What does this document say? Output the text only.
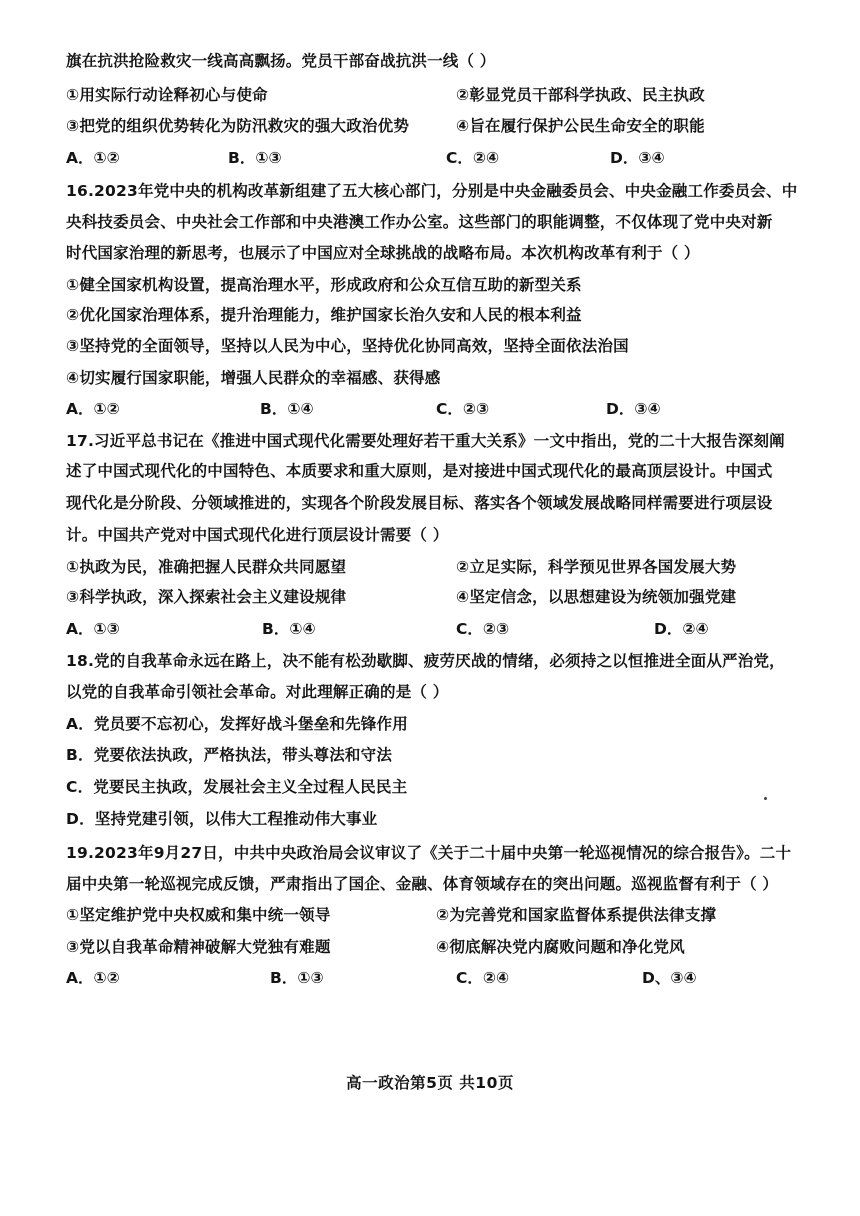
旗在抗洪抢险救灾一线高高飘扬。党员干部奋战抗洪一线（ ）
①用实际行动诠释初心与使命	②彰显党员干部科学执政、民主执政
③把党的组织优势转化为防汛救灾的强大政治优势	④旨在履行保护公民生命安全的职能
A．①②	B．①③	C．②④	D．③④
16.2023年党中央的机构改革新组建了五大核心部门，分别是中央金融委员会、中央金融工作委员会、中
央科技委员会、中央社会工作部和中央港澳工作办公室。这些部门的职能调整，不仅体现了党中央对新
时代国家治理的新思考，也展示了中国应对全球挑战的战略布局。本次机构改革有利于（ ）
①健全国家机构设置，提高治理水平，形成政府和公众互信互助的新型关系
②优化国家治理体系，提升治理能力，维护国家长治久安和人民的根本利益
③坚持党的全面领导，坚持以人民为中心，坚持优化协同高效，坚持全面依法治国
④切实履行国家职能，增强人民群众的幸福感、获得感
A．①②	B．①④	C．②③	D．③④
17.习近平总书记在《推进中国式现代化需要处理好若干重大关系》一文中指出，党的二十大报告深刻阐
述了中国式现代化的中国特色、本质要求和重大原则，是对接进中国式现代化的最高顶层设计。中国式
现代化是分阶段、分领域推进的，实现各个阶段发展目标、落实各个领域发展战略同样需要进行项层设
计。中国共产党对中国式现代化进行顶层设计需要（ ）
①执政为民，准确把握人民群众共同愿望	②立足实际，科学预见世界各国发展大势
③科学执政，深入探索社会主义建设规律	④坚定信念，以思想建设为统领加强党建
A．①③	B．①④	C．②③	D．②④
18.党的自我革命永远在路上，决不能有松劲歇脚、疲劳厌战的情绪，必须持之以恒推进全面从严治党，
以党的自我革命引领社会革命。对此理解正确的是（ ）
A．党员要不忘初心，发挥好战斗堡垒和先锋作用
B．党要依法执政，严格执法，带头尊法和守法
C．党要民主执政，发展社会主义全过程人民民主
D．坚持党建引领，以伟大工程推动伟大事业
19.2023年9月27日，中共中央政治局会议审议了《关于二十届中央第一轮巡视情况的综合报告》。二十
届中央第一轮巡视完成反馈，严肃指出了国企、金融、体育领域存在的突出问题。巡视监督有利于（ ）
①坚定维护党中央权威和集中统一领导	②为完善党和国家监督体系提供法律支撑
③党以自我革命精神破解大党独有难题	④彻底解决党内腐败问题和净化党风
A．①②	B．①③	C．②④	D、③④
高一政治第5页 共10页
